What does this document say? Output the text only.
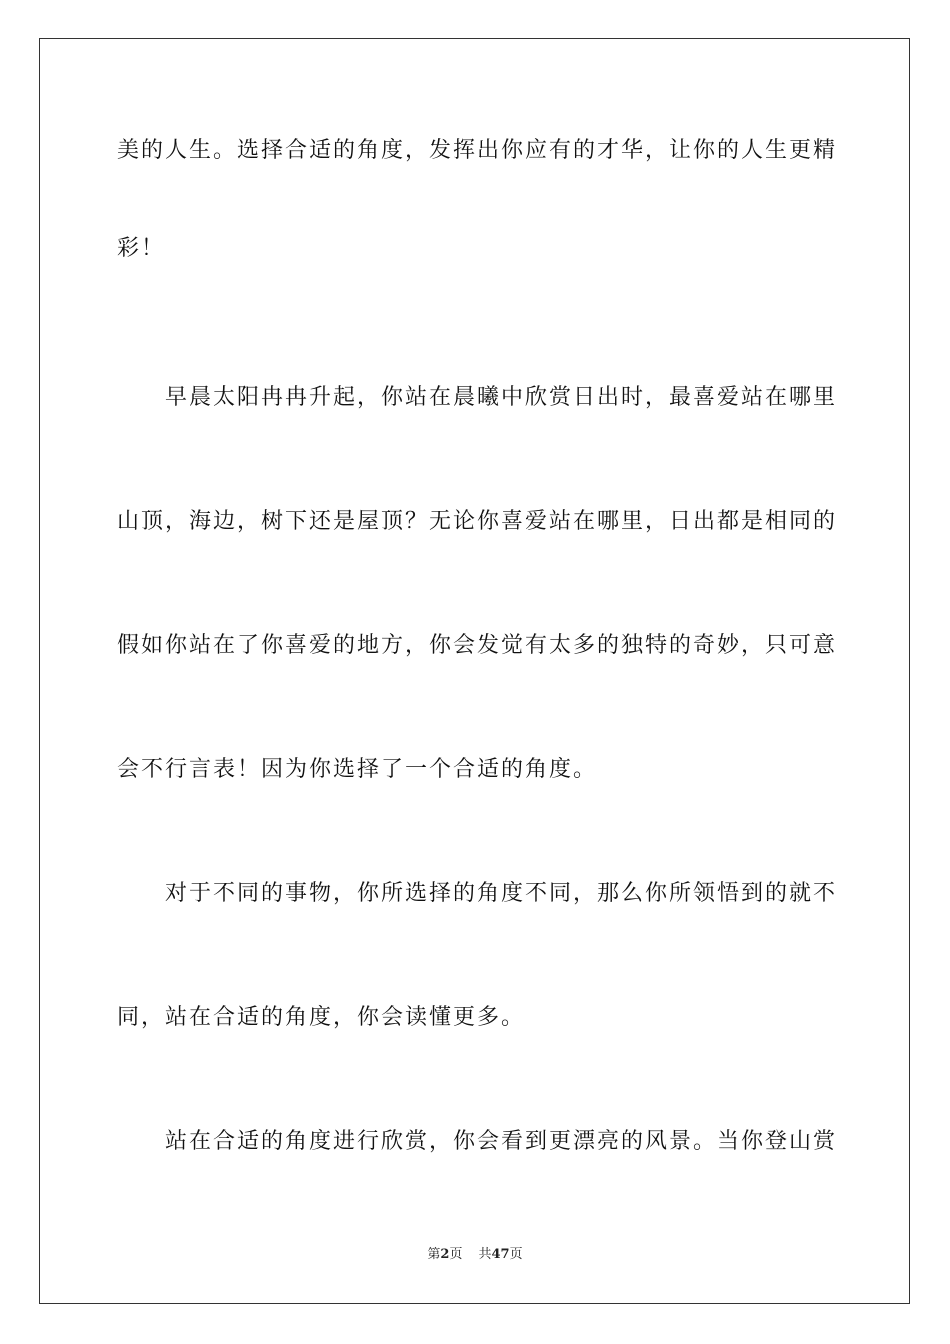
美的人生。选择合适的角度，发挥出你应有的才华，让你的人生更精
彩！
　　早晨太阳冉冉升起，你站在晨曦中欣赏日出时，最喜爱站在哪里
山顶，海边，树下还是屋顶？无论你喜爱站在哪里，日出都是相同的
假如你站在了你喜爱的地方，你会发觉有太多的独特的奇妙，只可意
会不行言表！因为你选择了一个合适的角度。
　　对于不同的事物，你所选择的角度不同，那么你所领悟到的就不
同，站在合适的角度，你会读懂更多。
　　站在合适的角度进行欣赏，你会看到更漂亮的风景。当你登山赏
第2页 共47页
